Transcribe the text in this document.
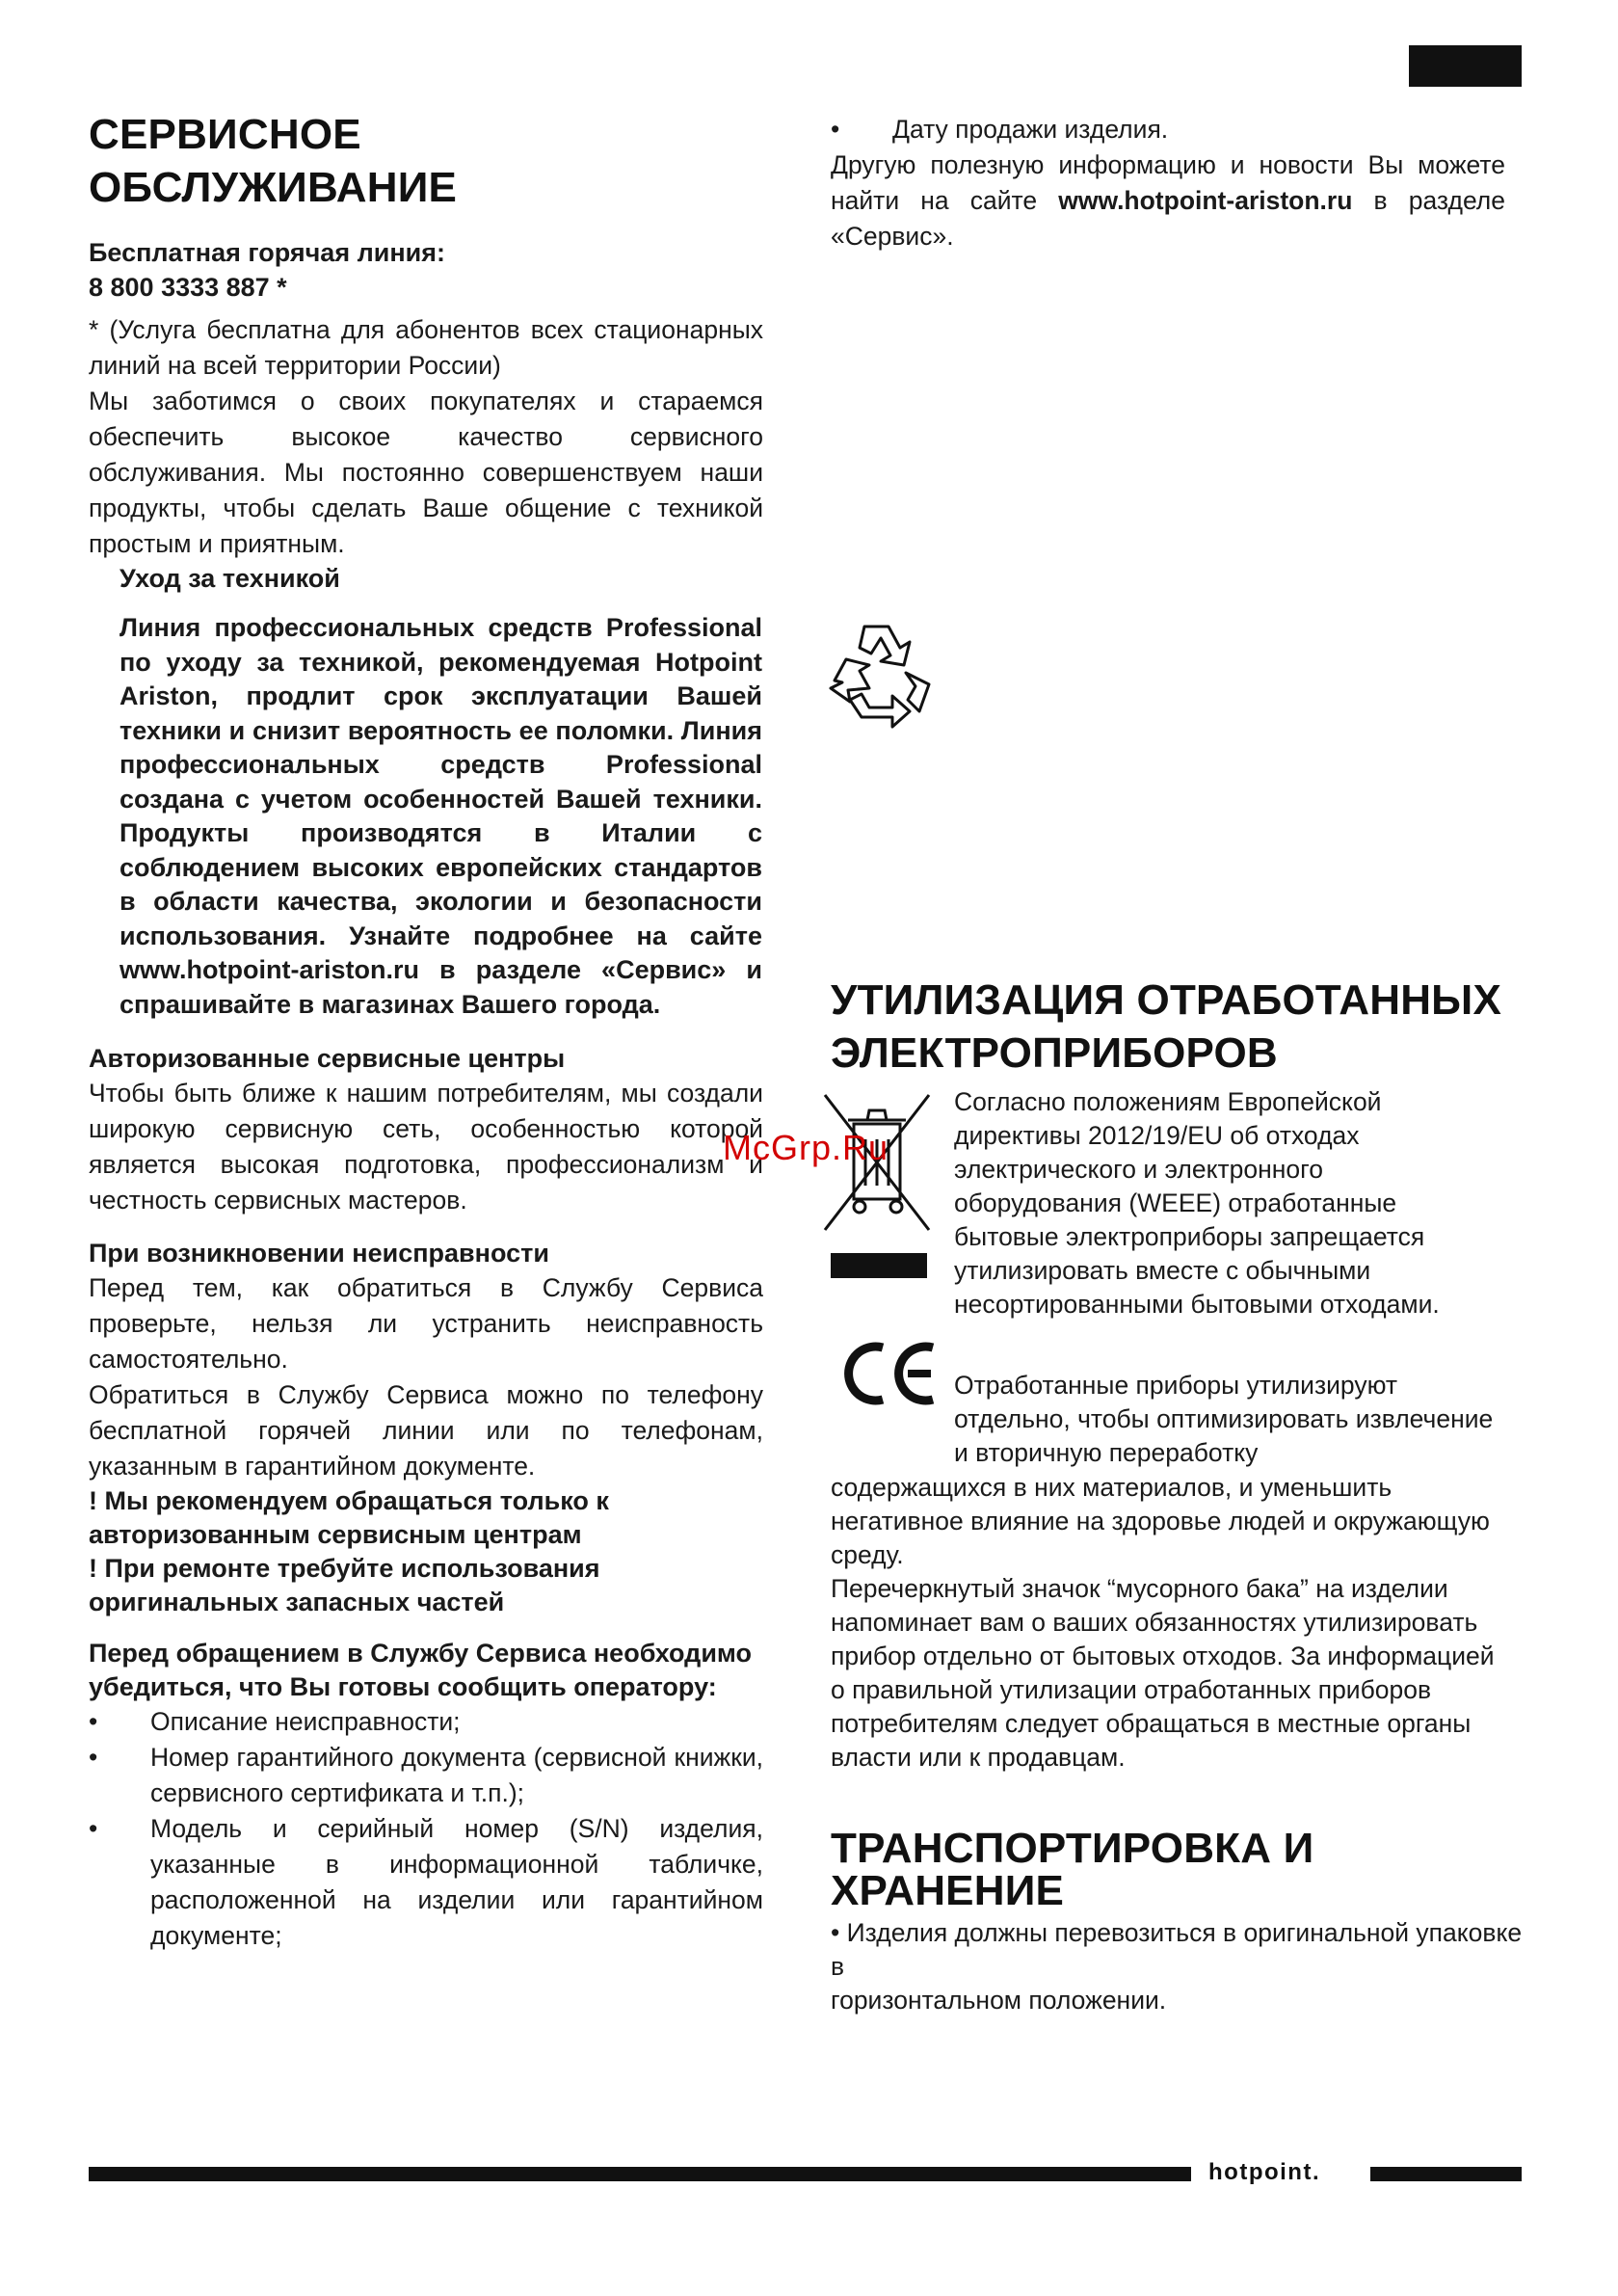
СЕРВИСНОЕ
ОБСЛУЖИВАНИЕ
Бесплатная горячая линия:
8 800 3333 887 *

* (Услуга бесплатна для абонентов всех стационарных линий на всей территории России)

Мы заботимся о своих покупателях и стараемся обеспечить высокое качество сервисного обслуживания. Мы постоянно совершенствуем наши продукты, чтобы сделать Ваше общение с техникой простым и приятным.

Уход за техникой
Линия профессиональных средств Professional по уходу за техникой, рекомендуемая Hotpoint Ariston, продлит срок эксплуатации Вашей техники и снизит вероятность ее поломки. Линия профессиональных средств Professional создана с учетом особенностей Вашей техники. Продукты производятся в Италии с соблюдением высоких европейских стандартов в области качества, экологии и безопасности использования. Узнайте подробнее на сайте www.hotpoint-ariston.ru в разделе «Сервис» и спрашивайте в магазинах Вашего города.
Авторизованные сервисные центры

Чтобы быть ближе к нашим потребителям, мы создали широкую сервисную сеть, особенностью которой является высокая подготовка, профессионализм и честность сервисных мастеров.

При возникновении неисправности

Перед тем, как обратиться в Службу Сервиса проверьте, нельзя ли устранить неисправность самостоятельно.

Обратиться в Службу Сервиса можно по телефону бесплатной горячей линии или по телефонам, указанным в гарантийном документе.

! Мы рекомендуем обращаться только к авторизованным сервисным центрам
! При ремонте требуйте использования оригинальных запасных частей
Перед обращением в Службу Сервиса необходимо убедиться, что Вы готовы сообщить оператору:
• Описание неисправности;
• Номер гарантийного документа (сервисной книжки, сервисного сертификата и т.п.);
• Модель и серийный номер (S/N) изделия, указанные в информационной табличке, расположенной на изделии или гарантийном документе;
• Дату продажи изделия.

Другую полезную информацию и новости Вы можете найти на сайте www.hotpoint-ariston.ru в разделе «Сервис».

УТИЛИЗАЦИЯ ОТРАБОТАННЫХ
ЭЛЕКТРОПРИБОРОВ
McGrp.Ru

Согласно положениям Европейской директивы 2012/19/EU об отходах электрического и электронного оборудования (WEEE) отработанные бытовые электроприборы запрещается утилизировать вместе с обычными несортированными бытовыми отходами.

Отработанные приборы утилизируют отдельно, чтобы оптимизировать извлечение и вторичную переработку

содержащихся в них материалов, и уменьшить негативное влияние на здоровье людей и окружающую среду.

Перечеркнутый значок “мусорного бака” на изделии напоминает вам о ваших обязанностях утилизировать прибор отдельно от бытовых отходов. За информацией о правильной утилизации отработанных приборов потребителям следует обращаться в местные органы власти или к продавцам.

ТРАНСПОРТИРОВКА И
ХРАНЕНИЕ

• Изделия должны перевозиться в оригинальной упаковке в

горизонтальном положении.

hotpoint.
